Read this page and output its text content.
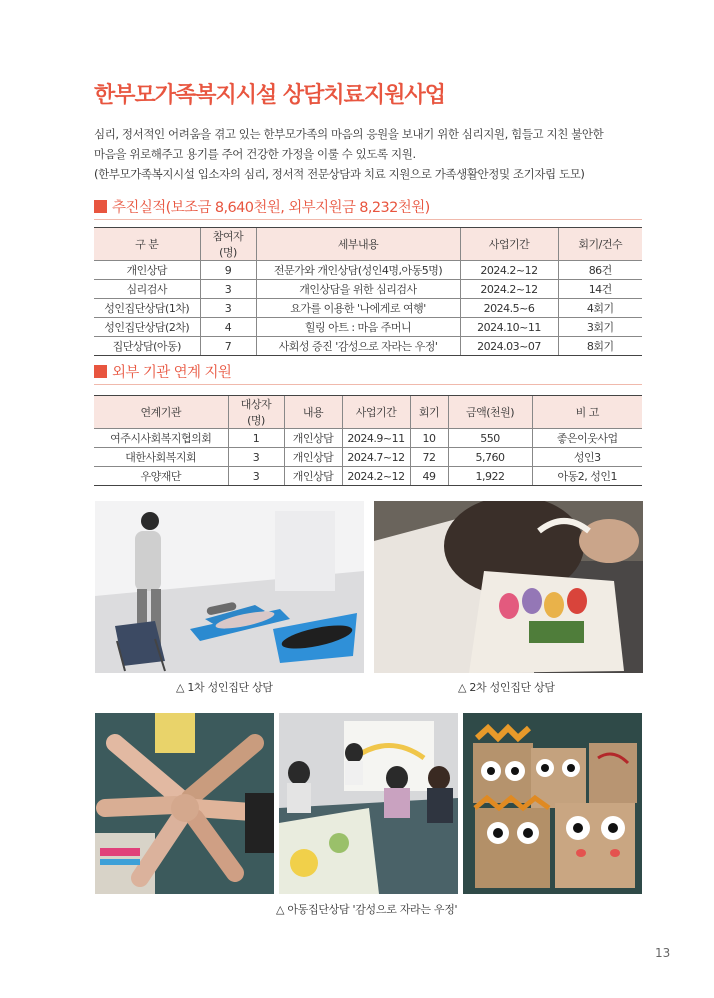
한부모가족복지시설 상담치료지원사업
심리, 정서적인 어려움을 겪고 있는 한부모가족의 마음의 응원을 보내기 위한 심리지원, 힘들고 지친 불안한
마음을 위로해주고 용기를 주어 건강한 가정을 이룰 수 있도록 지원.
(한부모가족복지시설 입소자의 심리, 정서적 전문상담과 치료 지원으로 가족생활안정및 조기자립 도모)
추진실적(보조금 8,640천원, 외부지원금 8,232천원)
구 분	참여자(명)	세부내용	사업기간	회기/건수
개인상담	9	전문가와 개인상담(성인4명,아동5명)	2024.2~12	86건
심리검사	3	개인상담을 위한 심리검사	2024.2~12	14건
성인집단상담(1차)	3	요가를 이용한 '나에게로 여행'	2024.5~6	4회기
성인집단상담(2차)	4	힐링 아트 : 마음 주머니	2024.10~11	3회기
집단상담(아동)	7	사회성 증진 '감성으로 자라는 우정'	2024.03~07	8회기
외부 기관 연계 지원
연계기관	대상자(명)	내용	사업기간	회기	금액(천원)	비 고
여주시사회복지협의회	1	개인상담	2024.9~11	10	550	좋은이웃사업
대한사회복지회	3	개인상담	2024.7~12	72	5,760	성인3
우양재단	3	개인상담	2024.2~12	49	1,922	아동2, 성인1
△ 1차 성인집단 상담	△ 2차 성인집단 상담
△ 아동집단상담 '감성으로 자라는 우정'
13
